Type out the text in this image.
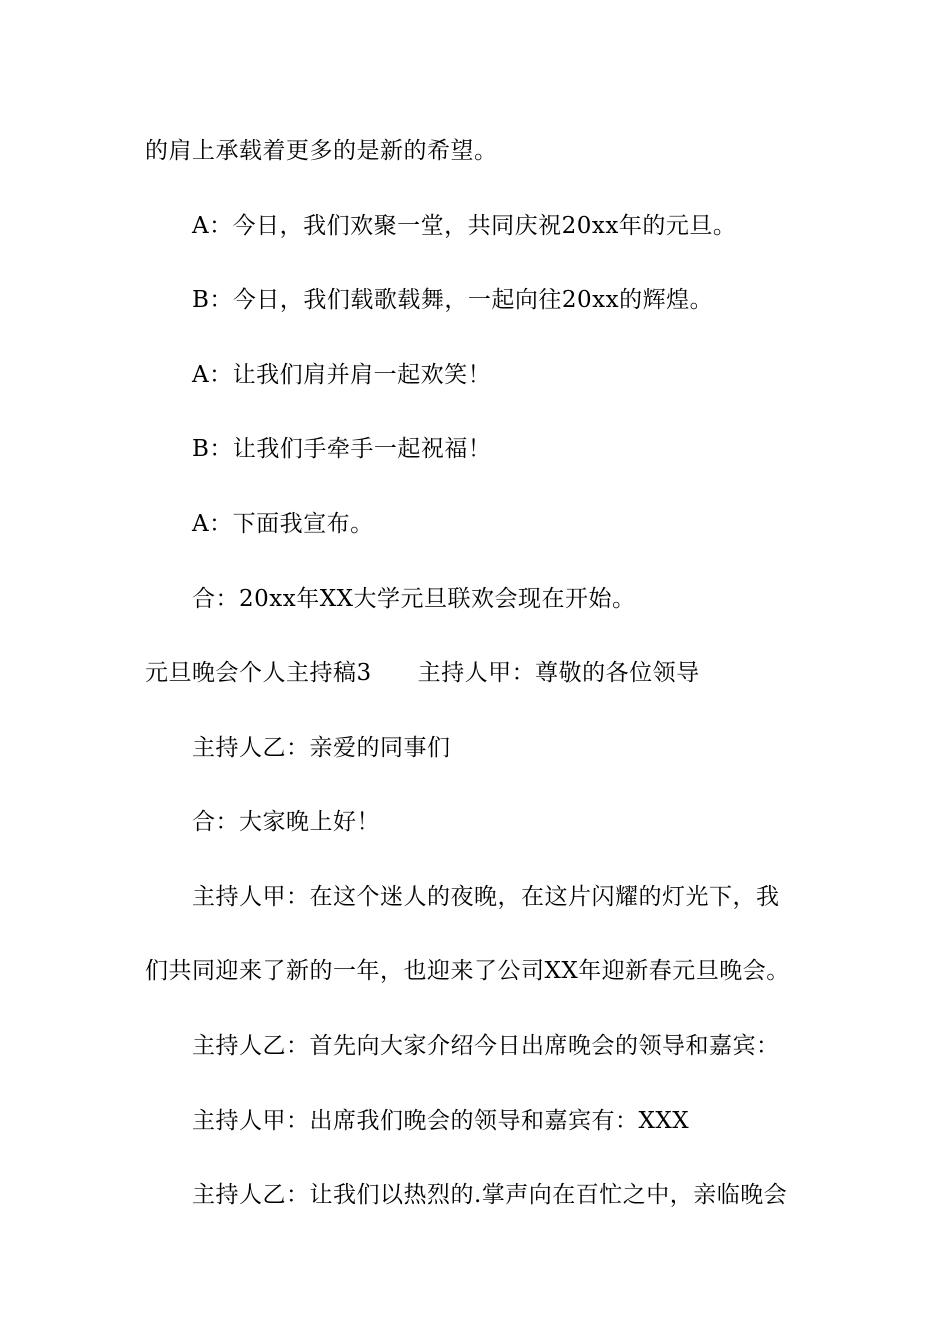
的肩上承载着更多的是新的希望。
A：今日，我们欢聚一堂，共同庆祝20xx年的元旦。
B：今日，我们载歌载舞，一起向往20xx的辉煌。
A：让我们肩并肩一起欢笑！
B：让我们手牵手一起祝福！
A：下面我宣布。
合：20xx年XX大学元旦联欢会现在开始。
元旦晚会个人主持稿3 主持人甲：尊敬的各位领导
主持人乙：亲爱的同事们
合：大家晚上好！
主持人甲：在这个迷人的夜晚，在这片闪耀的灯光下，我
们共同迎来了新的一年，也迎来了公司XX年迎新春元旦晚会。
主持人乙：首先向大家介绍今日出席晚会的领导和嘉宾：
主持人甲：出席我们晚会的领导和嘉宾有：XXX
主持人乙：让我们以热烈的.掌声向在百忙之中，亲临晚会
